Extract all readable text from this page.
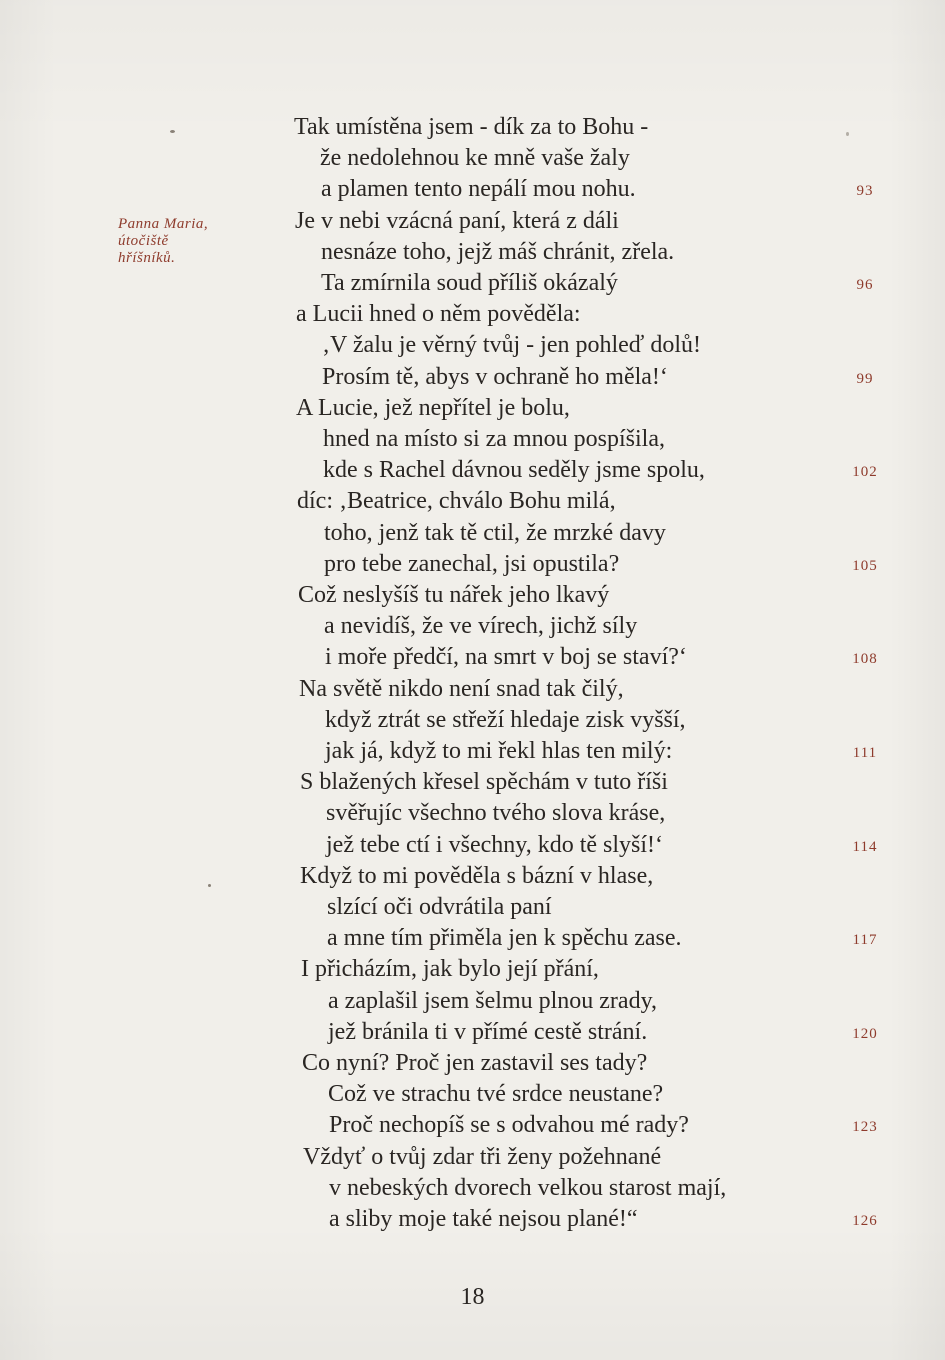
Panna Maria,
útočiště
hříšníků.
Tak umístěna jsem - dík za to Bohu -
že nedolehnou ke mně vaše žaly
a plamen tento nepálí mou nohu.	93
Je v nebi vzácná paní, která z dáli
nesnáze toho, jejž máš chránit, zřela.
Ta zmírnila soud příliš okázalý	96
a Lucii hned o něm pověděla:
‚V žalu je věrný tvůj - jen pohleď dolů!
Prosím tě, abys v ochraně ho měla!‘	99
A Lucie, jež nepřítel je bolu,
hned na místo si za mnou pospíšila,
kde s Rachel dávnou seděly jsme spolu,	102
díc: ‚Beatrice, chválo Bohu milá,
toho, jenž tak tě ctil, že mrzké davy
pro tebe zanechal, jsi opustila?	105
Což neslyšíš tu nářek jeho lkavý
a nevidíš, že ve vírech, jichž síly
i moře předčí, na smrt v boj se staví?‘	108
Na světě nikdo není snad tak čilý,
když ztrát se střeží hledaje zisk vyšší,
jak já, když to mi řekl hlas ten milý:	111
S blažených křesel spěchám v tuto říši
svěřujíc všechno tvého slova kráse,
jež tebe ctí i všechny, kdo tě slyší!‘	114
Když to mi pověděla s bázní v hlase,
slzící oči odvrátila paní
a mne tím přiměla jen k spěchu zase.	117
I přicházím, jak bylo její přání,
a zaplašil jsem šelmu plnou zrady,
jež bránila ti v přímé cestě strání.	120
Co nyní? Proč jen zastavil ses tady?
Což ve strachu tvé srdce neustane?
Proč nechopíš se s odvahou mé rady?	123
Vždyť o tvůj zdar tři ženy požehnané
v nebeských dvorech velkou starost mají,
a sliby moje také nejsou plané!“	126
18
